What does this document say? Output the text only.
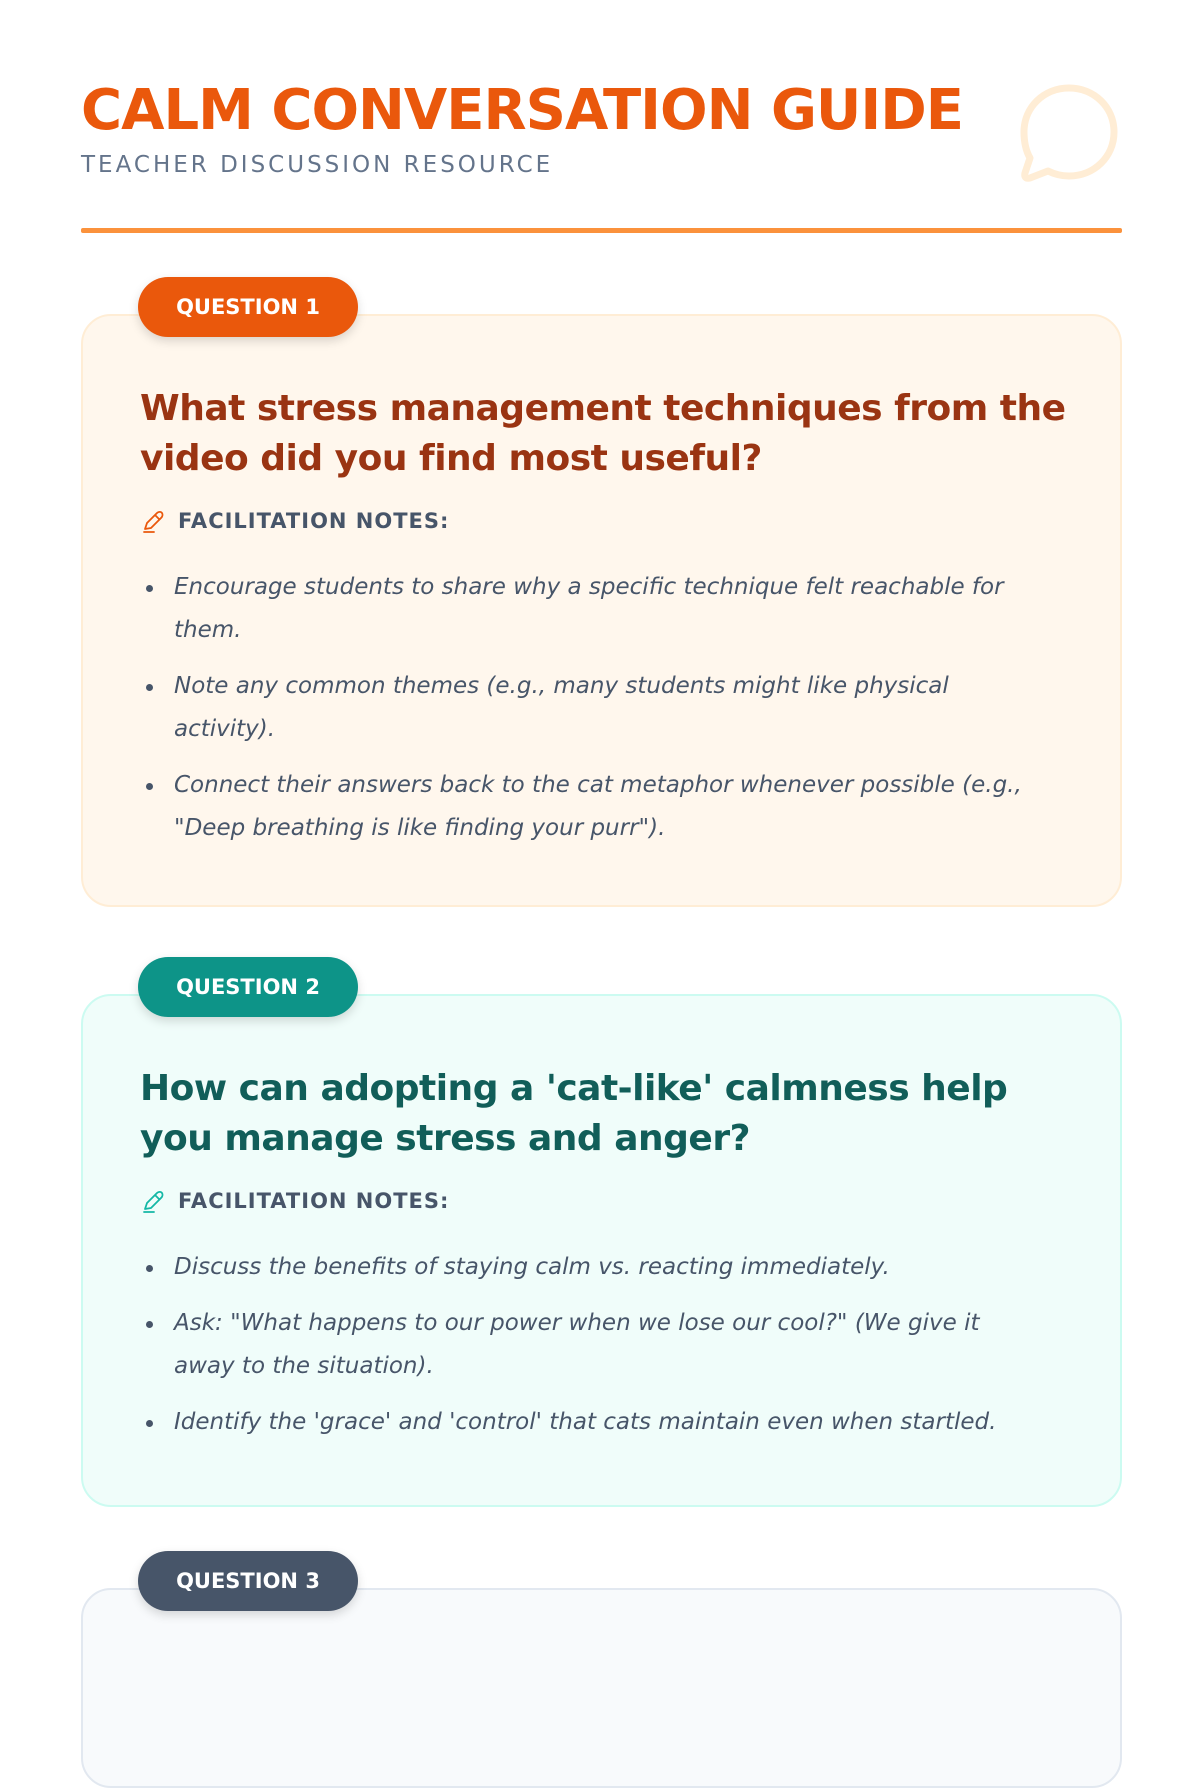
CALM CONVERSATION GUIDE
TEACHER DISCUSSION RESOURCE
QUESTION 1
What stress management techniques from the video did you find most useful?
FACILITATION NOTES:
Encourage students to share why a specific technique felt reachable for them.
Note any common themes (e.g., many students might like physical activity).
Connect their answers back to the cat metaphor whenever possible (e.g., "Deep breathing is like finding your purr").
QUESTION 2
How can adopting a 'cat-like' calmness help you manage stress and anger?
FACILITATION NOTES:
Discuss the benefits of staying calm vs. reacting immediately.
Ask: "What happens to our power when we lose our cool?" (We give it away to the situation).
Identify the 'grace' and 'control' that cats maintain even when startled.
QUESTION 3
